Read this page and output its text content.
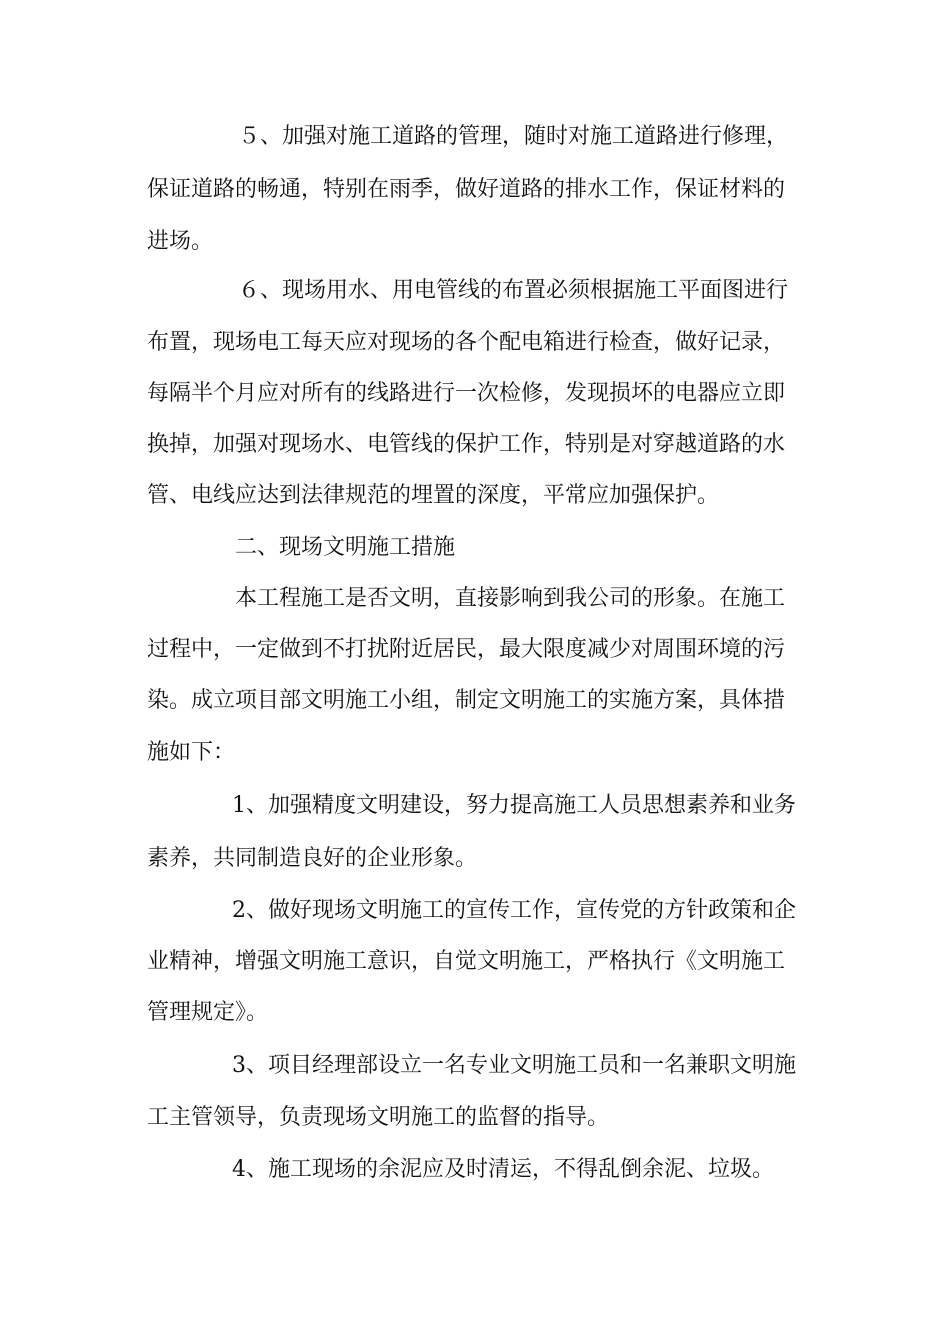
５、加强对施工道路的管理，随时对施工道路进行修理，
保证道路的畅通，特别在雨季，做好道路的排水工作，保证材料的
进场。
６、现场用水、用电管线的布置必须根据施工平面图进行
布置，现场电工每天应对现场的各个配电箱进行检查，做好记录，
每隔半个月应对所有的线路进行一次检修，发现损坏的电器应立即
换掉，加强对现场水、电管线的保护工作，特别是对穿越道路的水
管、电线应达到法律规范的埋置的深度，平常应加强保护。
二、现场文明施工措施
本工程施工是否文明，直接影响到我公司的形象。在施工
过程中，一定做到不打扰附近居民，最大限度减少对周围环境的污
染。成立项目部文明施工小组，制定文明施工的实施方案，具体措
施如下：
1、加强精度文明建设，努力提高施工人员思想素养和业务
素养，共同制造良好的企业形象。
2、做好现场文明施工的宣传工作，宣传党的方针政策和企
业精神，增强文明施工意识，自觉文明施工，严格执行《文明施工
管理规定》。
3、项目经理部设立一名专业文明施工员和一名兼职文明施
工主管领导，负责现场文明施工的监督的指导。
4、施工现场的余泥应及时清运，不得乱倒余泥、垃圾。
